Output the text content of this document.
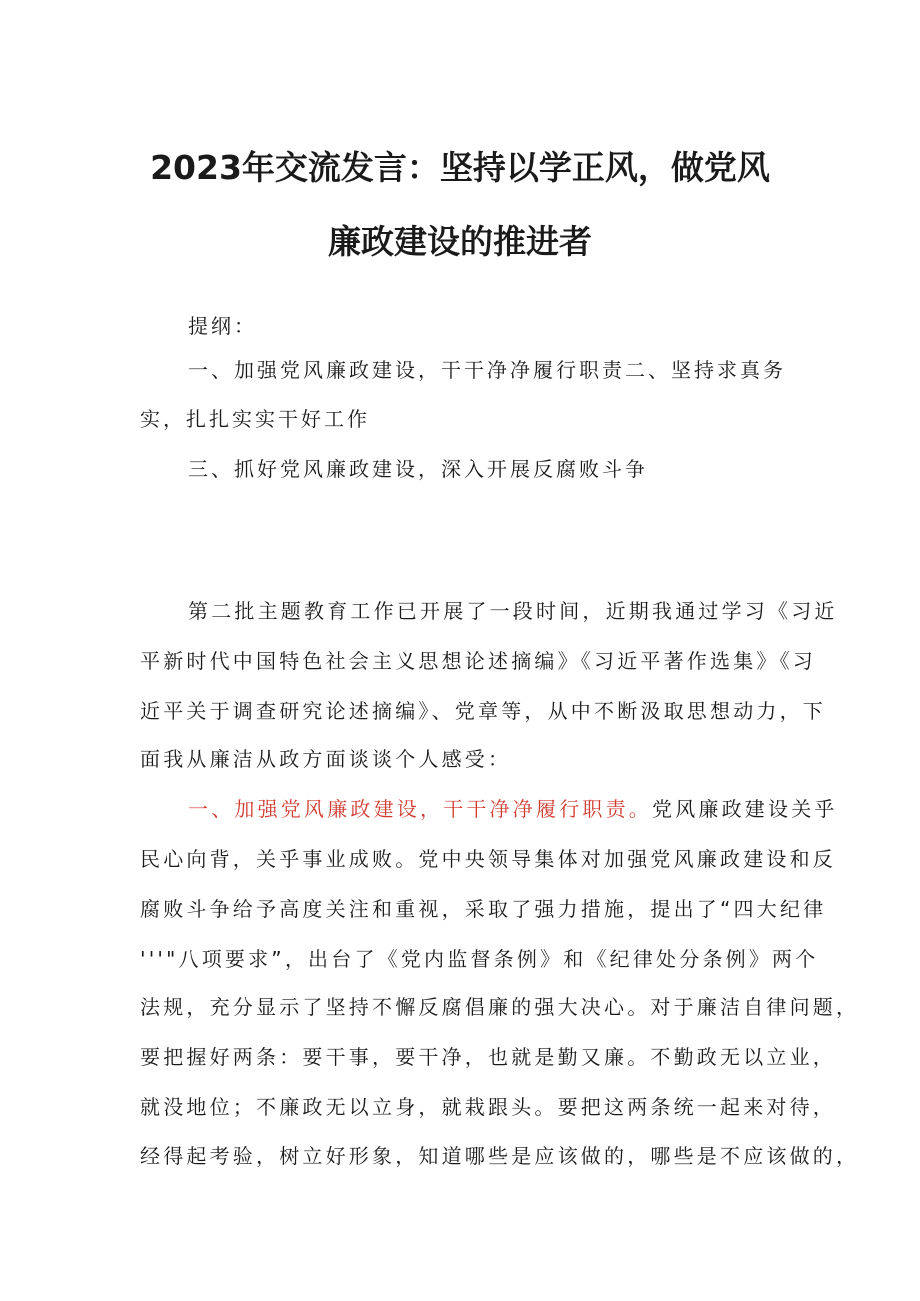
2023年交流发言：坚持以学正风，做党风
廉政建设的推进者
提纲：
一、加强党风廉政建设，干干净净履行职责二、坚持求真务
实，扎扎实实干好工作
三、抓好党风廉政建设，深入开展反腐败斗争
第二批主题教育工作已开展了一段时间，近期我通过学习《习近
平新时代中国特色社会主义思想论述摘编》《习近平著作选集》《习
近平关于调查研究论述摘编》、党章等，从中不断汲取思想动力，下
面我从廉洁从政方面谈谈个人感受：
一、加强党风廉政建设，干干净净履行职责。党风廉政建设关乎
民心向背，关乎事业成败。党中央领导集体对加强党风廉政建设和反
腐败斗争给予高度关注和重视，采取了强力措施，提出了“四大纪律
'''"八项要求”，出台了《党内监督条例》和《纪律处分条例》两个
法规，充分显示了坚持不懈反腐倡廉的强大决心。对于廉洁自律问题，
要把握好两条：要干事，要干净，也就是勤又廉。不勤政无以立业，
就没地位；不廉政无以立身，就栽跟头。要把这两条统一起来对待，
经得起考验，树立好形象，知道哪些是应该做的，哪些是不应该做的，
